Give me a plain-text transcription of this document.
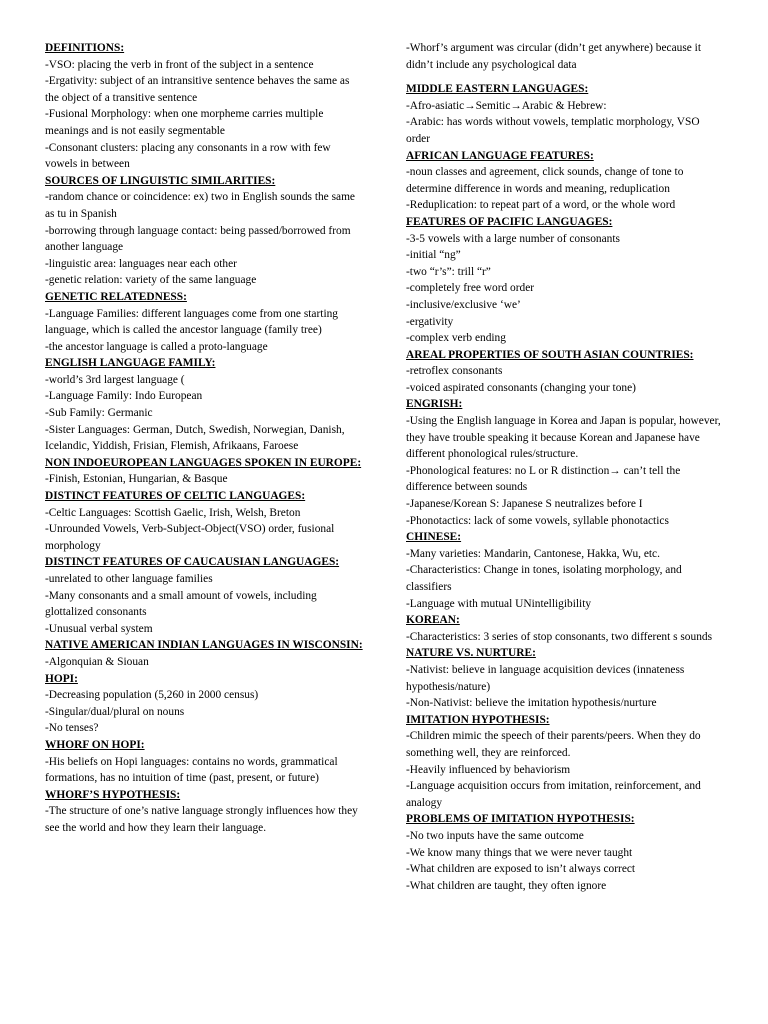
DEFINITIONS:
-VSO: placing the verb in front of the subject in a sentence
-Ergativity: subject of an intransitive sentence behaves the same as the object of a transitive sentence
-Fusional Morphology: when one morpheme carries multiple meanings and is not easily segmentable
-Consonant clusters: placing any consonants in a row with few vowels in between
SOURCES OF LINGUISTIC SIMILARITIES:
-random chance or coincidence: ex) two in English sounds the same as tu in Spanish
-borrowing through language contact: being passed/borrowed from another language
-linguistic area: languages near each other
-genetic relation: variety of the same language
GENETIC RELATEDNESS:
-Language Families: different languages come from one starting language, which is called the ancestor language (family tree)
-the ancestor language is called a proto-language
ENGLISH LANGUAGE FAMILY:
-world’s 3rd largest language (
-Language Family: Indo European
-Sub Family: Germanic
-Sister Languages: German, Dutch, Swedish, Norwegian, Danish, Icelandic, Yiddish, Frisian, Flemish, Afrikaans, Faroese
NON INDOEUROPEAN LANGUAGES SPOKEN IN EUROPE:
-Finish, Estonian, Hungarian, & Basque
DISTINCT FEATURES OF CELTIC LANGUAGES:
-Celtic Languages: Scottish Gaelic, Irish, Welsh, Breton
-Unrounded Vowels, Verb-Subject-Object(VSO) order, fusional morphology
DISTINCT FEATURES OF CAUCAUSIAN LANGUAGES:
-unrelated to other language families
-Many consonants and a small amount of vowels, including glottalized consonants
-Unusual verbal system
NATIVE AMERICAN INDIAN LANGUAGES IN WISCONSIN:
-Algonquian & Siouan
HOPI:
-Decreasing population (5,260 in 2000 census)
-Singular/dual/plural on nouns
-No tenses?
WHORF ON HOPI:
-His beliefs on Hopi languages: contains no words, grammatical formations, has no intuition of time (past, present, or future)
WHORF’S HYPOTHESIS:
-The structure of one’s native language strongly influences how they see the world and how they learn their language.
-Whorf’s argument was circular (didn’t get anywhere) because it didn’t include any psychological data
MIDDLE EASTERN LANGUAGES:
-Afro-asiatic→Semitic→Arabic & Hebrew:
-Arabic: has words without vowels, templatic morphology, VSO order
AFRICAN LANGUAGE FEATURES:
-noun classes and agreement, click sounds, change of tone to determine difference in words and meaning, reduplication
-Reduplication: to repeat part of a word, or the whole word
FEATURES OF PACIFIC LANGUAGES:
-3-5 vowels with a large number of consonants
-initial “ng”
-two “r’s”: trill “r”
-completely free word order
-inclusive/exclusive ‘we’
-ergativity
-complex verb ending
AREAL PROPERTIES OF SOUTH ASIAN COUNTRIES:
-retroflex consonants
-voiced aspirated consonants (changing your tone)
ENGRISH:
-Using the English language in Korea and Japan is popular, however, they have trouble speaking it because Korean and Japanese have different phonological rules/structure.
-Phonological features: no L or R distinction→ can’t tell the difference between sounds
-Japanese/Korean S: Japanese S neutralizes before I
-Phonotactics: lack of some vowels, syllable phonotactics
CHINESE:
-Many varieties: Mandarin, Cantonese, Hakka, Wu, etc.
-Characteristics: Change in tones, isolating morphology, and classifiers
-Language with mutual UNintelligibility
KOREAN:
-Characteristics: 3 series of stop consonants, two different s sounds
NATURE VS. NURTURE:
-Nativist: believe in language acquisition devices (innateness hypothesis/nature)
-Non-Nativist: believe the imitation hypothesis/nurture
IMITATION HYPOTHESIS:
-Children mimic the speech of their parents/peers. When they do something well, they are reinforced.
-Heavily influenced by behaviorism
-Language acquisition occurs from imitation, reinforcement, and analogy
PROBLEMS OF IMITATION HYPOTHESIS:
-No two inputs have the same outcome
-We know many things that we were never taught
-What children are exposed to isn’t always correct
-What children are taught, they often ignore
